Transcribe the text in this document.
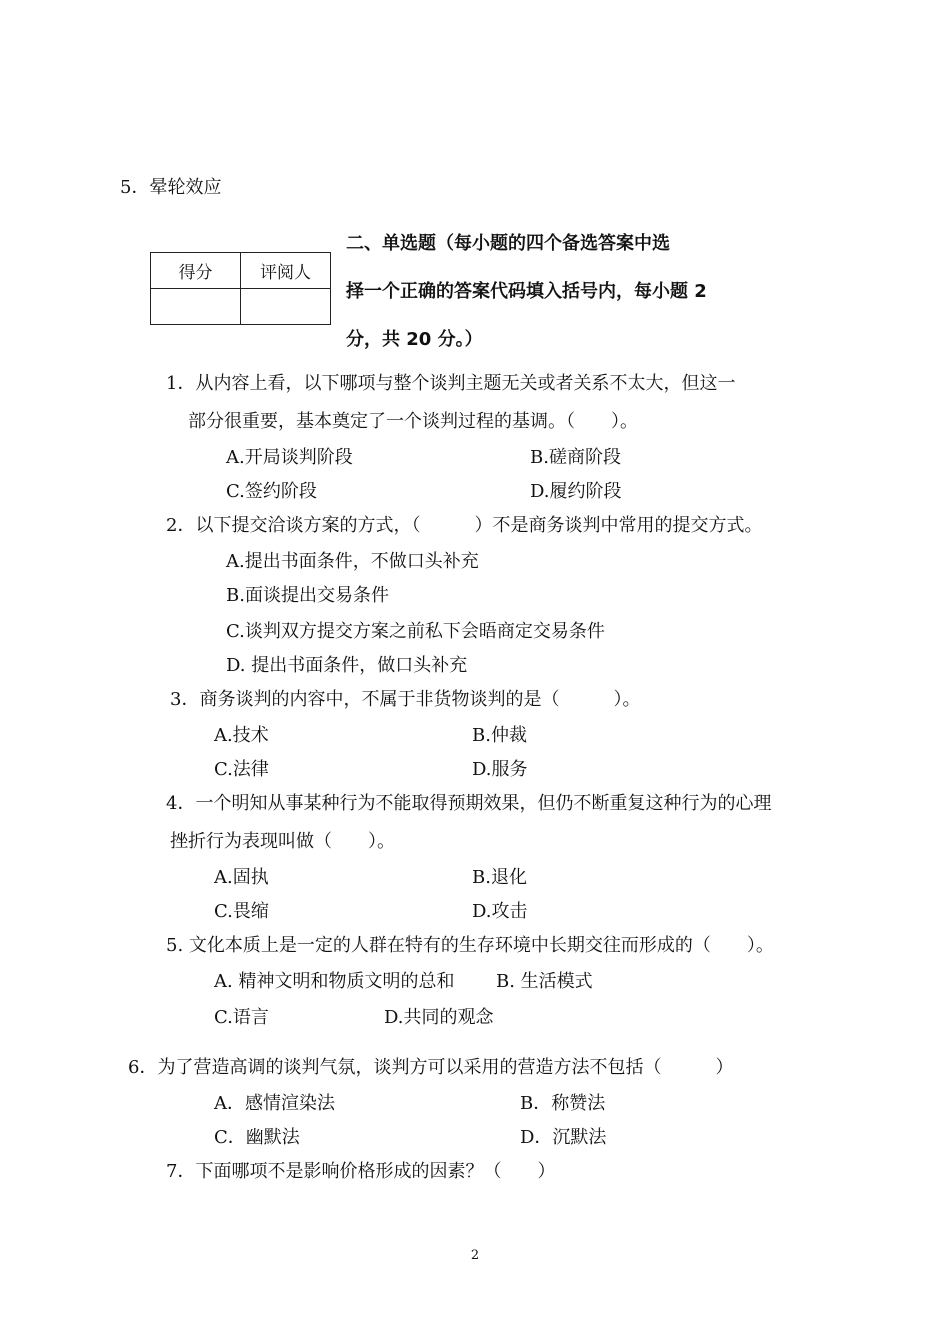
5．晕轮效应
得分	评阅人

二、单选题（每小题的四个备选答案中选
择一个正确的答案代码填入括号内，每小题 2
分，共 20 分。）
1．从内容上看，以下哪项与整个谈判主题无关或者关系不太大，但这一
部分很重要，基本奠定了一个谈判过程的基调。（　　）。
A.开局谈判阶段	B.磋商阶段
C.签约阶段	D.履约阶段
2．以下提交洽谈方案的方式，（　　　）不是商务谈判中常用的提交方式。
A.提出书面条件，不做口头补充
B.面谈提出交易条件
C.谈判双方提交方案之前私下会晤商定交易条件
D. 提出书面条件，做口头补充
3．商务谈判的内容中，不属于非货物谈判的是（　　　）。
A.技术	B.仲裁
C.法律	D.服务
4．一个明知从事某种行为不能取得预期效果，但仍不断重复这种行为的心理
挫折行为表现叫做（　　）。
A.固执	B.退化
C.畏缩	D.攻击
5. 文化本质上是一定的人群在特有的生存环境中长期交往而形成的（　　）。
A. 精神文明和物质文明的总和 B. 生活模式
C.语言	D.共同的观念
6．为了营造高调的谈判气氛，谈判方可以采用的营造方法不包括（　　　）
A．感情渲染法	B．称赞法
C．幽默法	D．沉默法
7．下面哪项不是影响价格形成的因素？（　　）
2
